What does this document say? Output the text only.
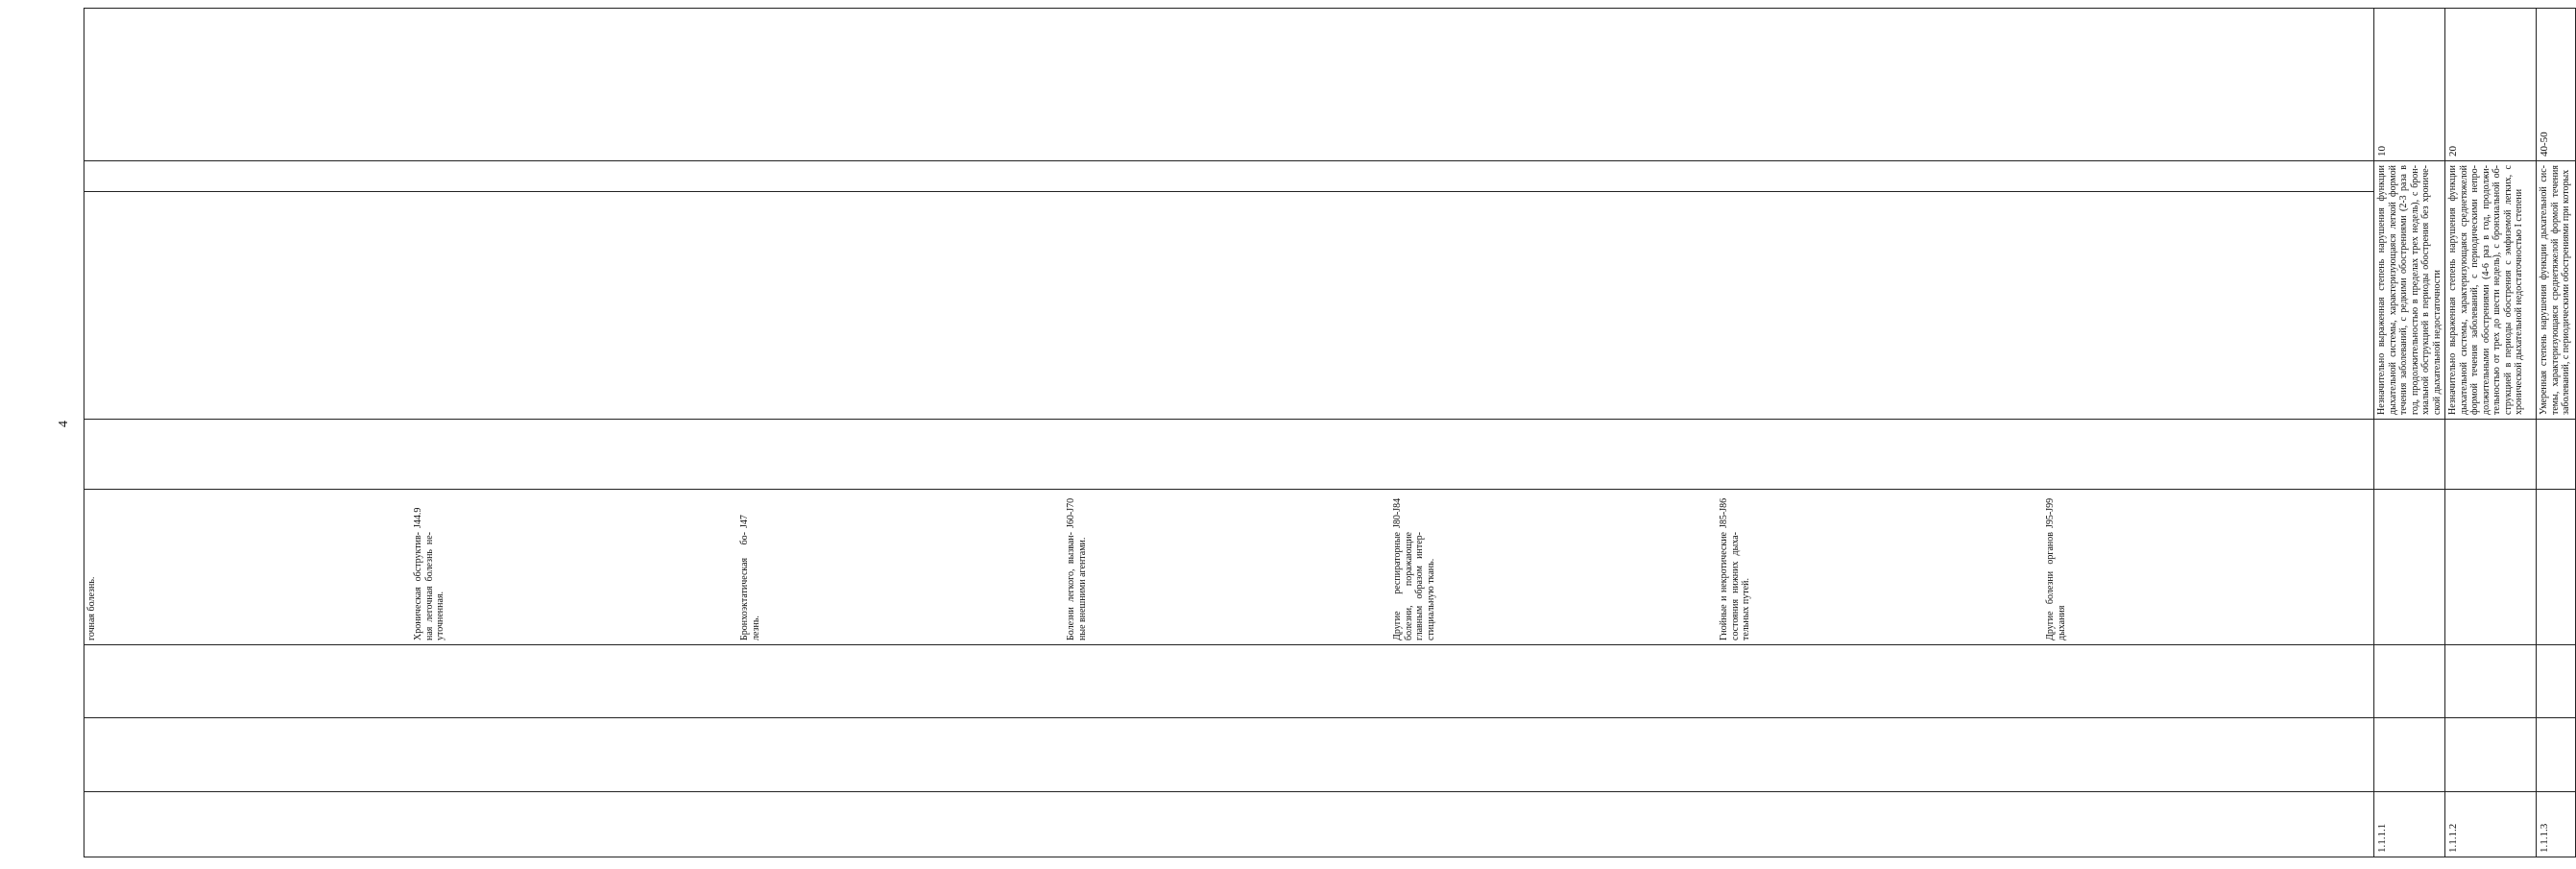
4

гочная болезнь.	Хроническая обструктив-ная легочная болезнь не-уточненная.	J44.9
Бронхоэктатическая бо-лезнь.	J47
Болезни легкого, вызван-ные внешними агентами.	J60-J70
Другие респираторные болезни, поражающие главным образом интер-стициальную ткань.	J80-J84
Гнойные и некротические состояния нижних дыха-тельных путей.	J85-J86
Другие болезни органов дыхания	J95-J99

1.1.1.1					Незначительно выраженная степень нарушения функции дыхательной системы, характеризующаяся легкой формой течения заболеваний, с редкими обострениями (2-3 раза в год, продолжительностью в пределах трех недель), с брон-хиальной обструкцией в периоды обострения без хрониче-ской дыхательной недостаточности	10
1.1.1.2					Незначительно выраженная степень нарушения функции дыхательной системы, характеризующаяся среднетяжелой формой течения заболеваний, с периодическими непро-должительными обострениями (4-6 раз в год, продолжи-тельностью от трех до шести недель), с бронхиальной об-струкцией в периоды обострения с эмфиземой легких, с хронической дыхательной недостаточностью I степени	20
1.1.1.3					Умеренная степень нарушения функции дыхательной сис-темы, характеризующаяся среднетяжелой формой течения заболеваний, с периодическими обострениями при которых	40-50
